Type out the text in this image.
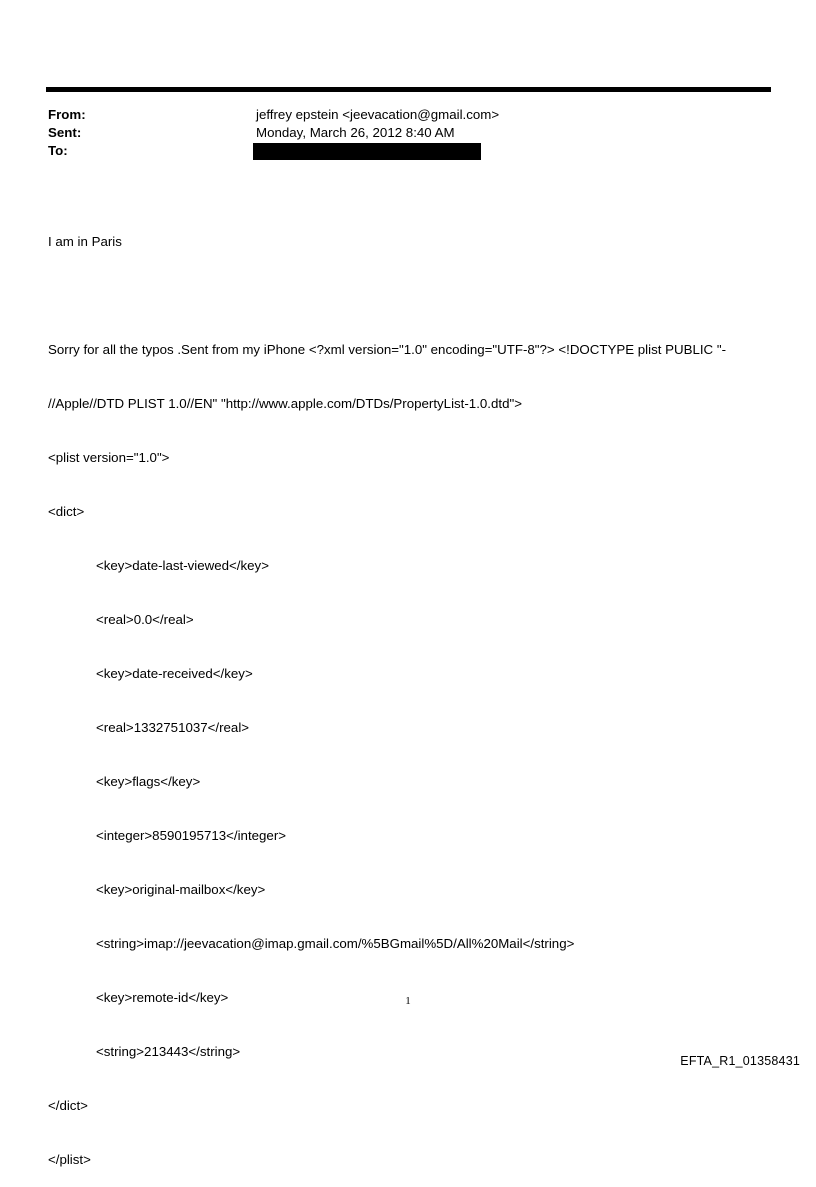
From:	jeffrey epstein <jeevacation@gmail.com>
Sent:	Monday, March 26, 2012 8:40 AM
To:

I am in Paris

Sorry for all the typos .Sent from my iPhone <?xml version="1.0" encoding="UTF-8"?> <!DOCTYPE plist PUBLIC "-

//Apple//DTD PLIST 1.0//EN" "http://www.apple.com/DTDs/PropertyList-1.0.dtd">

<plist version="1.0">

<dict>

<key>date-last-viewed</key>

<real>0.0</real>

<key>date-received</key>

<real>1332751037</real>

<key>flags</key>

<integer>8590195713</integer>

<key>original-mailbox</key>

<string>imap://jeevacation@imap.gmail.com/%5BGmail%5D/All%20Mail</string>

<key>remote-id</key>

<string>213443</string>

</dict>

</plist>

1
EFTA_R1_01358431
